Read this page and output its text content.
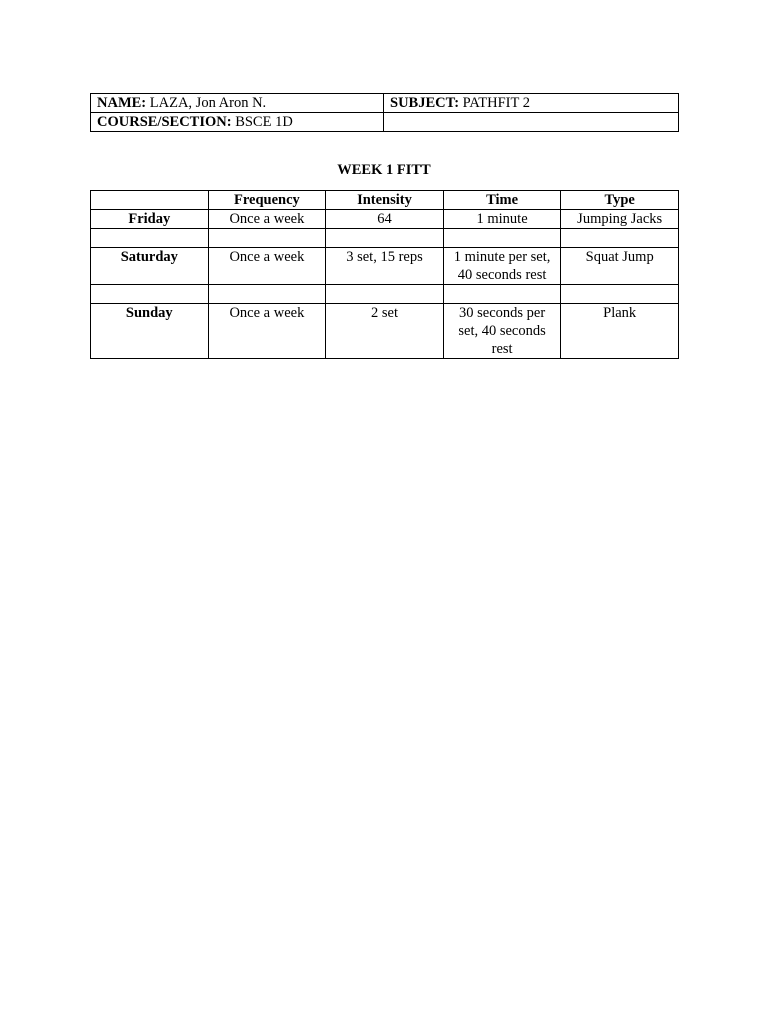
NAME: LAZA, Jon Aron N.	SUBJECT: PATHFIT 2
COURSE/SECTION: BSCE 1D	
WEEK 1 FITT
	Frequency	Intensity	Time	Type
Friday	Once a week	64	1 minute	Jumping Jacks

Saturday	Once a week	3 set, 15 reps	1 minute per set, 40 seconds rest	Squat Jump

Sunday	Once a week	2 set	30 seconds per set, 40 seconds rest	Plank
